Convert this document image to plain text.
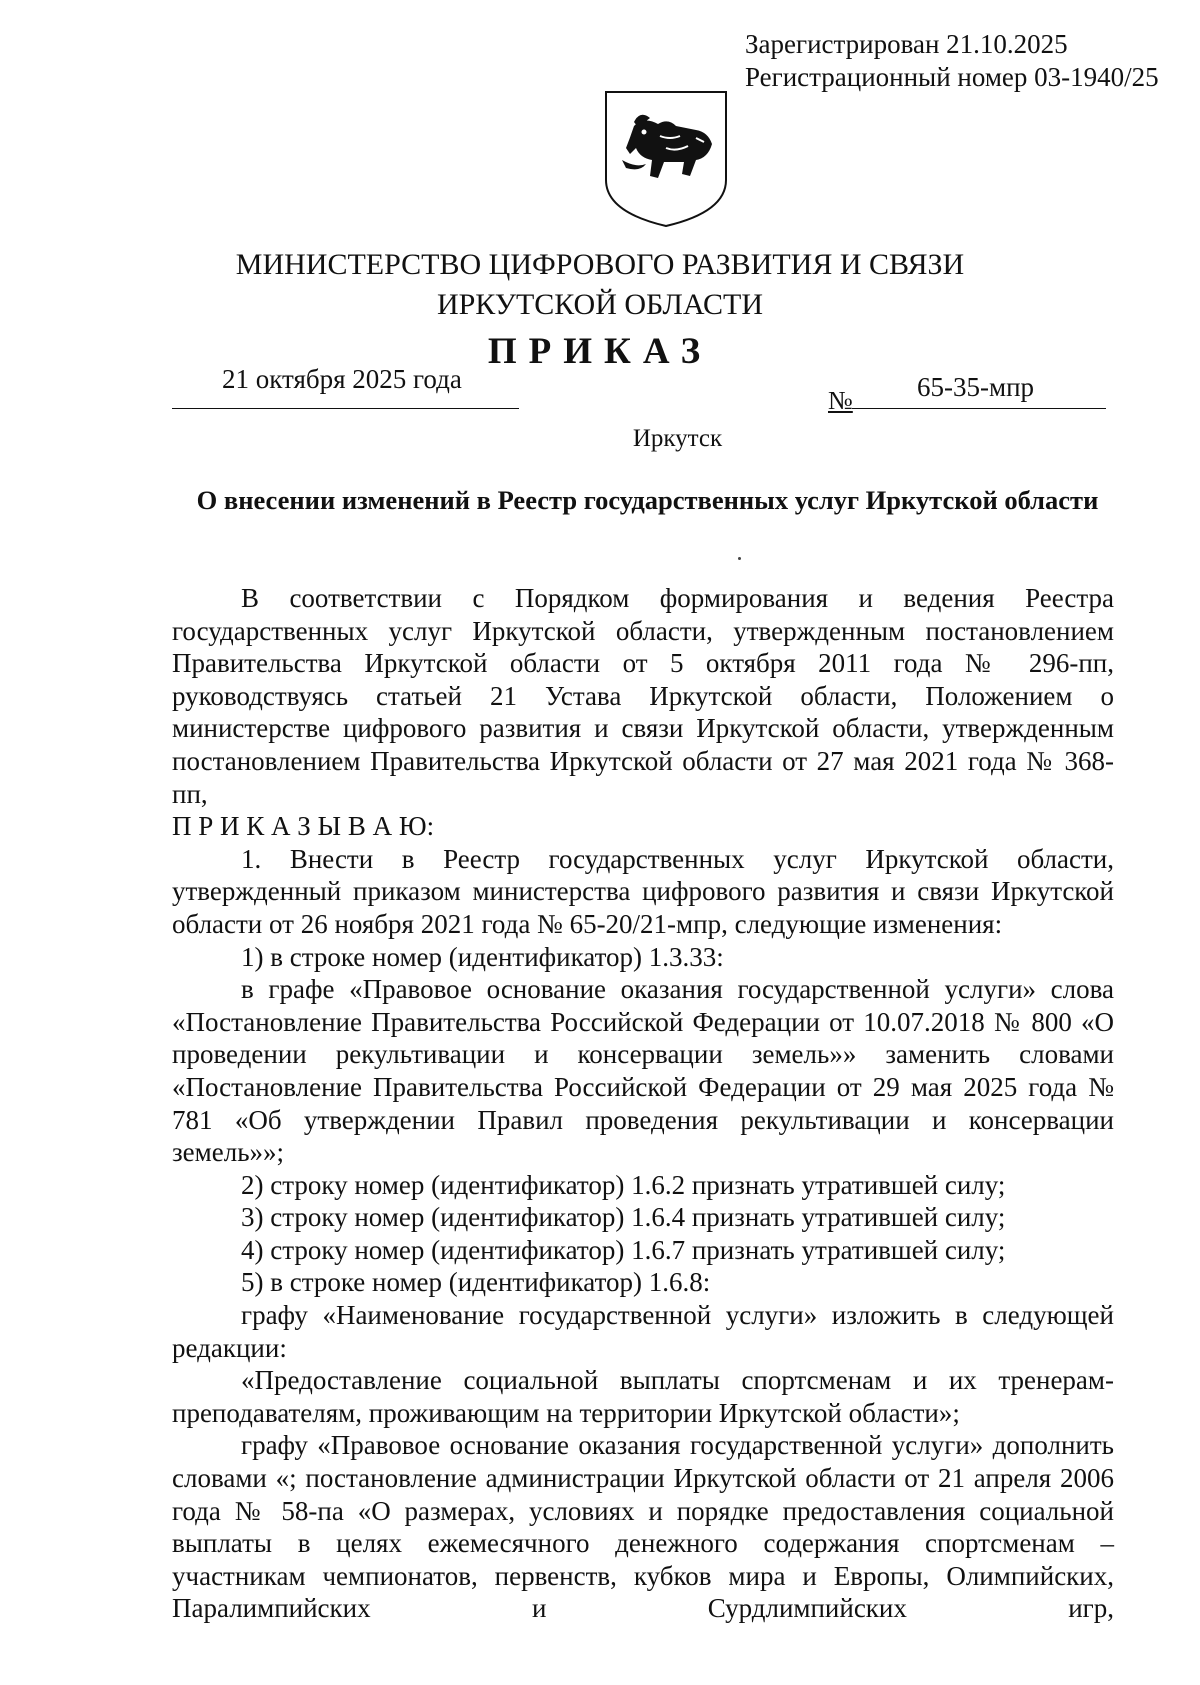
Зарегистрирован 21.10.2025
Регистрационный номер 03-1940/25
МИНИСТЕРСТВО ЦИФРОВОГО РАЗВИТИЯ И СВЯЗИ
ИРКУТСКОЙ ОБЛАСТИ
ПРИКАЗ
21 октября 2025 года
№ 65-35-мпр
Иркутск
О внесении изменений в Реестр государственных услуг Иркутской области

В соответствии с Порядком формирования и ведения Реестра государственных услуг Иркутской области, утвержденным постановлением Правительства Иркутской области от 5 октября 2011 года № 296-пп, руководствуясь статьей 21 Устава Иркутской области, Положением о министерстве цифрового развития и связи Иркутской области, утвержденным постановлением Правительства Иркутской области от 27 мая 2021 года № 368-пп,

П Р И К А З Ы В А Ю:

1. Внести в Реестр государственных услуг Иркутской области, утвержденный приказом министерства цифрового развития и связи Иркутской области от 26 ноября 2021 года № 65-20/21-мпр, следующие изменения:

1) в строке номер (идентификатор) 1.3.33:

в графе «Правовое основание оказания государственной услуги» слова «Постановление Правительства Российской Федерации от 10.07.2018 № 800 «О проведении рекультивации и консервации земель»» заменить словами «Постановление Правительства Российской Федерации от 29 мая 2025 года № 781 «Об утверждении Правил проведения рекультивации и консервации земель»»;

2) строку номер (идентификатор) 1.6.2 признать утратившей силу;

3) строку номер (идентификатор) 1.6.4 признать утратившей силу;

4) строку номер (идентификатор) 1.6.7 признать утратившей силу;

5) в строке номер (идентификатор) 1.6.8:

графу «Наименование государственной услуги» изложить в следующей редакции:

«Предоставление социальной выплаты спортсменам и их тренерам-преподавателям, проживающим на территории Иркутской области»;

графу «Правовое основание оказания государственной услуги» дополнить словами «; постановление администрации Иркутской области от 21 апреля 2006 года № 58-па «О размерах, условиях и порядке предоставления социальной выплаты в целях ежемесячного денежного содержания спортсменам – участникам чемпионатов, первенств, кубков мира и Европы, Олимпийских, Паралимпийских и Сурдлимпийских игр,
